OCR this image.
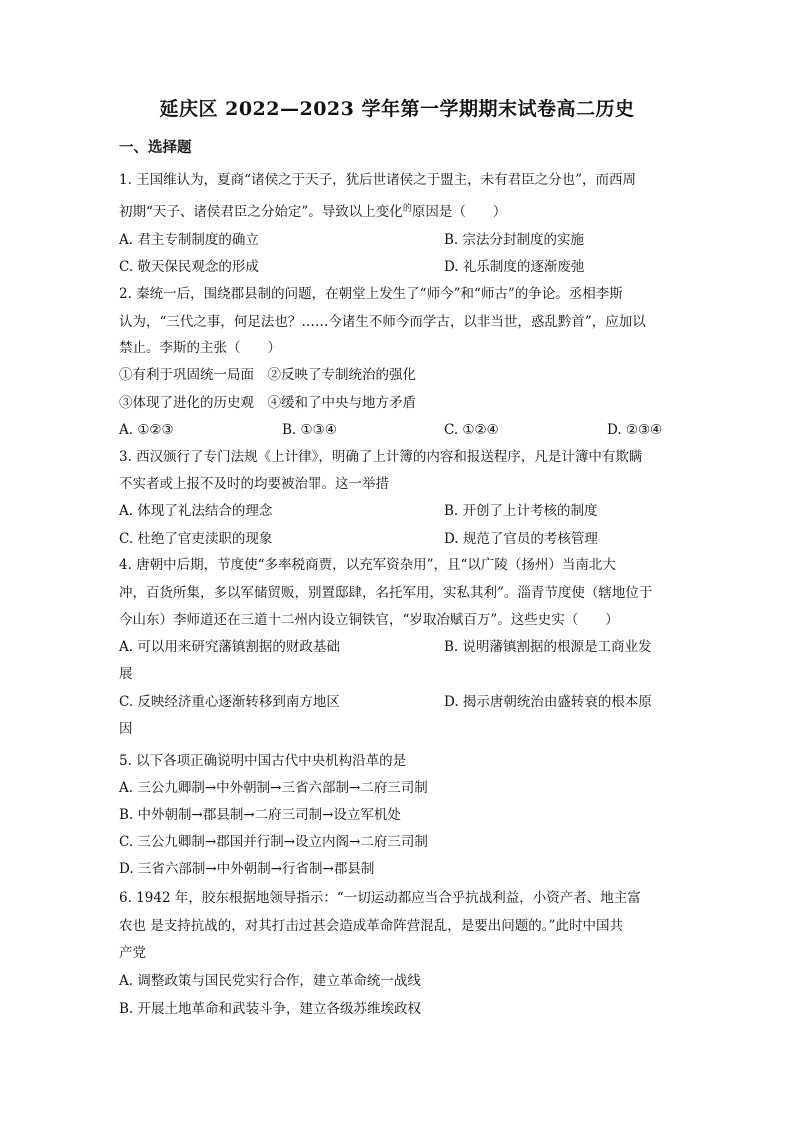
延庆区 2022—2023 学年第一学期期末试卷高二历史
一、选择题
1. 王国维认为，夏商“诸侯之于天子，犹后世诸侯之于盟主，未有君臣之分也”，而西周
初期“天子、诸侯君臣之分始定”。导致以上变化$^的$原因是（　　）
A. 君主专制制度的确立	B. 宗法分封制度的实施
C. 敬天保民观念的形成	D. 礼乐制度的逐渐废弛
2. 秦统一后，围绕郡县制的问题，在朝堂上发生了“师今”和“师古”的争论。丞相李斯
认为，“三代之事，何足法也？……今诸生不师今而学古，以非当世，惑乱黔首”，应加以
禁止。李斯的主张（　　）
①有利于巩固统一局面　②反映了专制统治的强化
③体现了进化的历史观　④缓和了中央与地方矛盾
A. ①②③	B. ①③④	C. ①②④	D. ②③④
3. 西汉颁行了专门法规《上计律》，明确了上计簿的内容和报送程序，凡是计簿中有欺瞒
不实者或上报不及时的均要被治罪。这一举措
A. 体现了礼法结合的理念	B. 开创了上计考核的制度
C. 杜绝了官吏渎职的现象	D. 规范了官员的考核管理
4. 唐朝中后期，节度使“多率税商贾，以充军资杂用”，且“以广陵（扬州）当南北大
冲，百货所集，多以军储贸贩，别置邸肆，名托军用，实私其利”。淄青节度使（辖地位于
今山东）李师道还在三道十二州内设立铜铁官，“岁取冶赋百万”。这些史实（　　）
A. 可以用来研究藩镇割据的财政基础	B. 说明藩镇割据的根源是工商业发
展
C. 反映经济重心逐渐转移到南方地区	D. 揭示唐朝统治由盛转衰的根本原
因
5. 以下各项正确说明中国古代中央机构沿革的是
A. 三公九卿制→中外朝制→三省六部制→二府三司制
B. 中外朝制→郡县制→二府三司制→设立军机处
C. 三公九卿制→郡国并行制→设立内阁→二府三司制
D. 三省六部制→中外朝制→行省制→郡县制
6. 1942 年，胶东根据地领导指示：“一切运动都应当合乎抗战利益，小资产者、地主富
农也 是支持抗战的，对其打击过甚会造成革命阵营混乱，是要出问题的。”此时中国共
产党
A. 调整政策与国民党实行合作，建立革命统一战线
B. 开展土地革命和武装斗争，建立各级苏维埃政权
